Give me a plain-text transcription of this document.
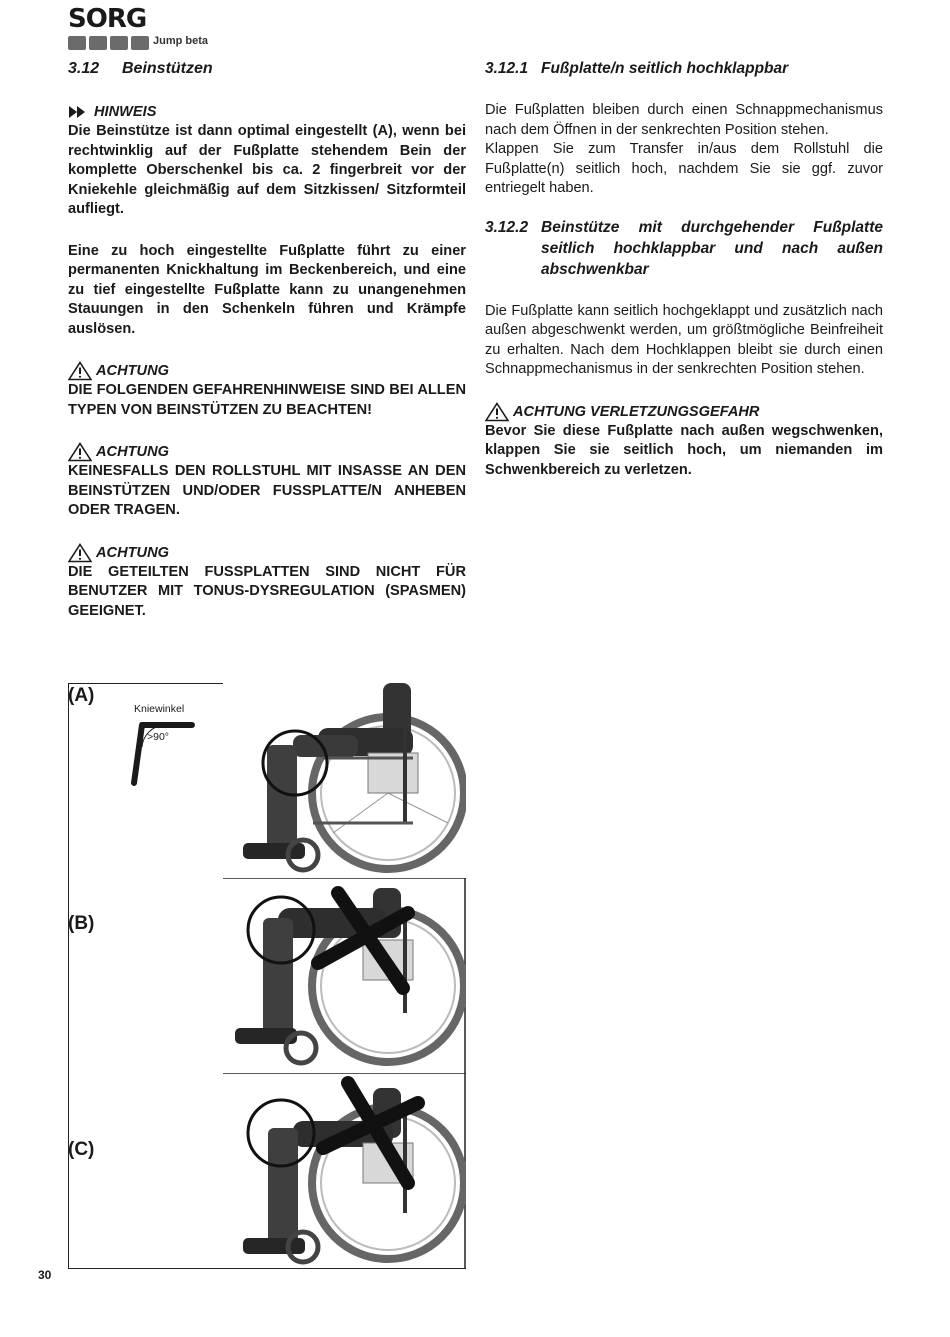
SORG
Jump beta
3.12 Beinstützen
HINWEIS
Die Beinstütze ist dann optimal eingestellt (A), wenn bei rechtwinklig auf der Fußplatte stehendem Bein der komplette Oberschenkel bis ca. 2 fingerbreit vor der Kniekehle gleichmäßig auf dem Sitzkissen/ Sitzformteil aufliegt.
Eine zu hoch eingestellte Fußplatte führt zu einer permanenten Knickhaltung im Beckenbereich, und eine zu tief eingestellte Fußplatte kann zu unangenehmen Stauungen in den Schenkeln führen und Krämpfe auslösen.
ACHTUNG
DIE FOLGENDEN GEFAHRENHINWEISE SIND BEI ALLEN TYPEN VON BEINSTÜTZEN ZU BEACHTEN!
ACHTUNG
KEINESFALLS DEN ROLLSTUHL MIT INSASSE AN DEN BEINSTÜTZEN UND/ODER FUSSPLATTE/N ANHEBEN ODER TRAGEN.
ACHTUNG
DIE GETEILTEN FUSSPLATTEN SIND NICHT FÜR BENUTZER MIT TONUS-DYSREGULATION (SPASMEN) GEEIGNET.
3.12.1 Fußplatte/n seitlich hochklappbar
Die Fußplatten bleiben durch einen Schnappmechanismus nach dem Öffnen in der senkrechten Position stehen.
Klappen Sie zum Transfer in/aus dem Rollstuhl die Fußplatte(n) seitlich hoch, nachdem Sie sie ggf. zuvor entriegelt haben.
3.12.2 Beinstütze mit durchgehender Fußplatte seitlich hochklappbar und nach außen abschwenkbar
Die Fußplatte kann seitlich hochgeklappt und zusätzlich nach außen abgeschwenkt werden, um größtmögliche Beinfreiheit zu erhalten. Nach dem Hochklappen bleibt sie durch einen Schnappmechanismus in der senkrechten Position stehen.
ACHTUNG VERLETZUNGSGEFAHR
Bevor Sie diese Fußplatte nach außen wegschwenken, klappen Sie sie seitlich hoch, um niemanden im Schwenkbereich zu verletzen.
(A)
(B)
(C)
Kniewinkel
>90°
30
